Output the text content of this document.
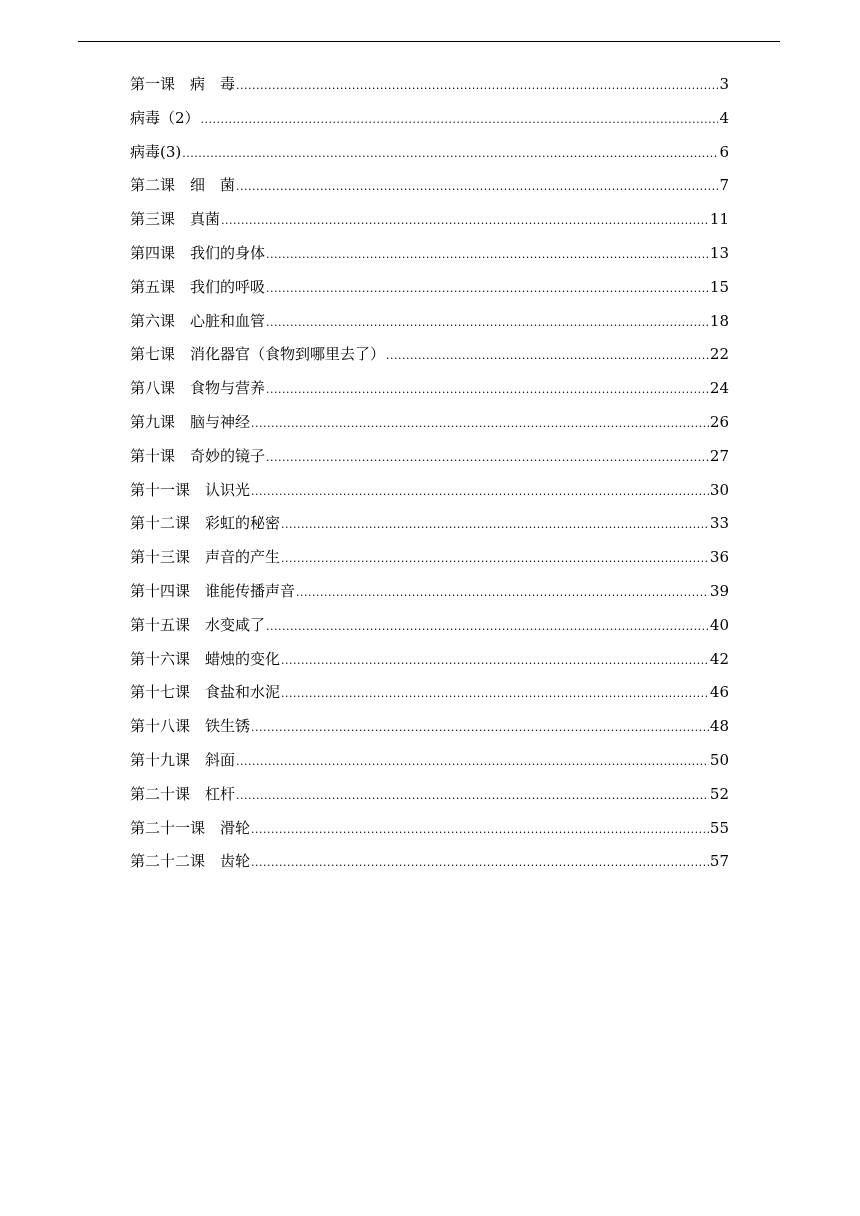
第一课　病　毒 .....	3
病毒（2） .....	4
病毒(3) .....	6
第二课　细　菌 .....	7
第三课　真菌 .....	11
第四课　我们的身体 .....	13
第五课　我们的呼吸 .....	15
第六课　心脏和血管 .....	18
第七课　消化器官（食物到哪里去了） .....	22
第八课　食物与营养 .....	24
第九课　脑与神经 .....	26
第十课　奇妙的镜子 .....	27
第十一课　认识光 .....	30
第十二课　彩虹的秘密 .....	33
第十三课　声音的产生 .....	36
第十四课　谁能传播声音 .....	39
第十五课　水变咸了 .....	40
第十六课　蜡烛的变化 .....	42
第十七课　食盐和水泥 .....	46
第十八课　铁生锈 .....	48
第十九课　斜面 .....	50
第二十课　杠杆 .....	52
第二十一课　滑轮 .....	55
第二十二课　齿轮 .....	57
